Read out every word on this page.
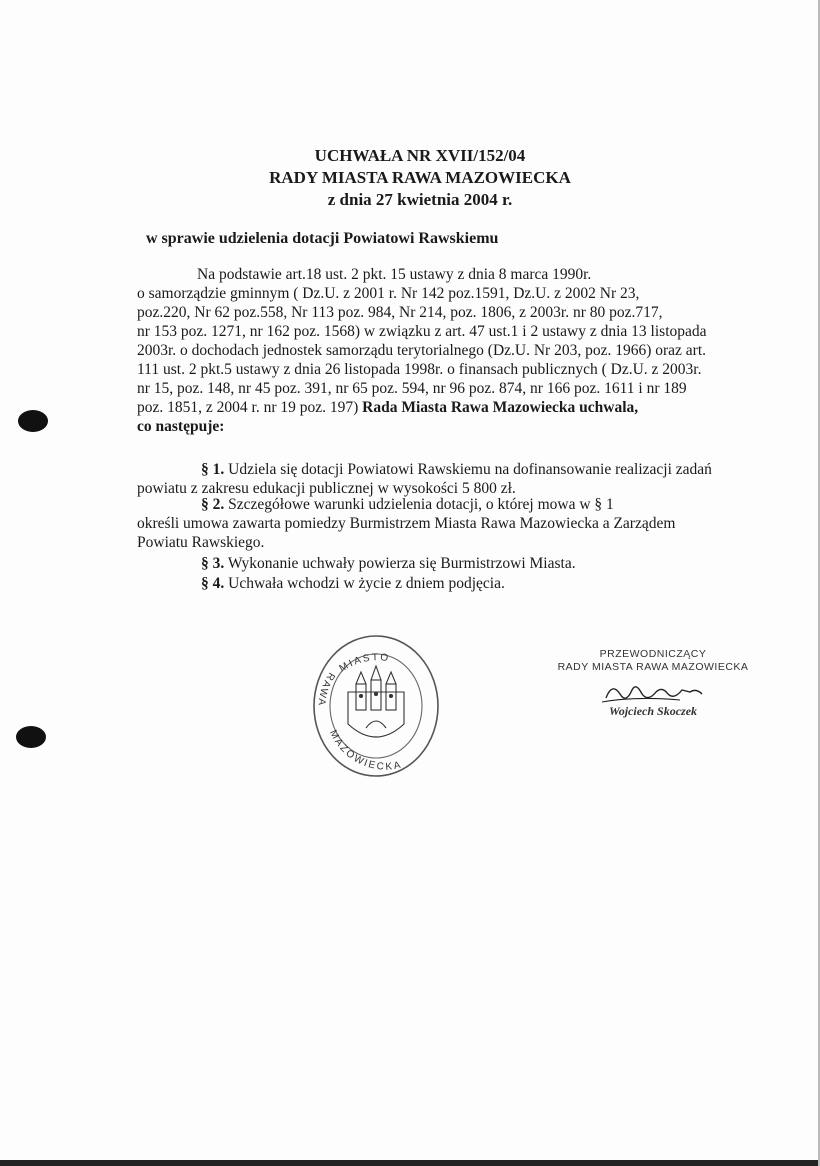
UCHWAŁA NR XVII/152/04
RADY MIASTA RAWA MAZOWIECKA
z dnia 27 kwietnia 2004 r.
w sprawie udzielenia dotacji Powiatowi Rawskiemu
Na podstawie art.18 ust. 2 pkt. 15 ustawy z dnia 8 marca 1990r.
o samorządzie gminnym ( Dz.U. z 2001 r. Nr 142 poz.1591, Dz.U. z 2002 Nr 23,
poz.220, Nr 62 poz.558, Nr 113 poz. 984, Nr 214, poz. 1806, z 2003r. nr 80 poz.717,
nr 153 poz. 1271, nr 162 poz. 1568) w związku z art. 47 ust.1 i 2 ustawy z dnia 13 listopada
2003r. o dochodach jednostek samorządu terytorialnego (Dz.U. Nr 203, poz. 1966) oraz art.
111 ust. 2 pkt.5 ustawy z dnia 26 listopada 1998r. o finansach publicznych ( Dz.U. z 2003r.
nr 15, poz. 148, nr 45 poz. 391, nr 65 poz. 594, nr 96 poz. 874, nr 166 poz. 1611 i nr 189
poz. 1851, z 2004 r. nr 19 poz. 197) Rada Miasta Rawa Mazowiecka uchwala,
co następuje:
§ 1. Udziela się dotacji Powiatowi Rawskiemu na dofinansowanie realizacji zadań
powiatu z zakresu edukacji publicznej w wysokości 5 800 zł.
§ 2. Szczegółowe warunki udzielenia dotacji, o której mowa w § 1
określi umowa zawarta pomiedzy Burmistrzem Miasta Rawa Mazowiecka a Zarządem
Powiatu Rawskiego.
§ 3. Wykonanie uchwały powierza się Burmistrzowi Miasta.
§ 4. Uchwała wchodzi w życie z dniem podjęcia.
MIASTO
RAWA
MAZOWIECKA
PRZEWODNICZĄCY
RADY MIASTA RAWA MAZOWIECKA
Wojciech Skoczek
